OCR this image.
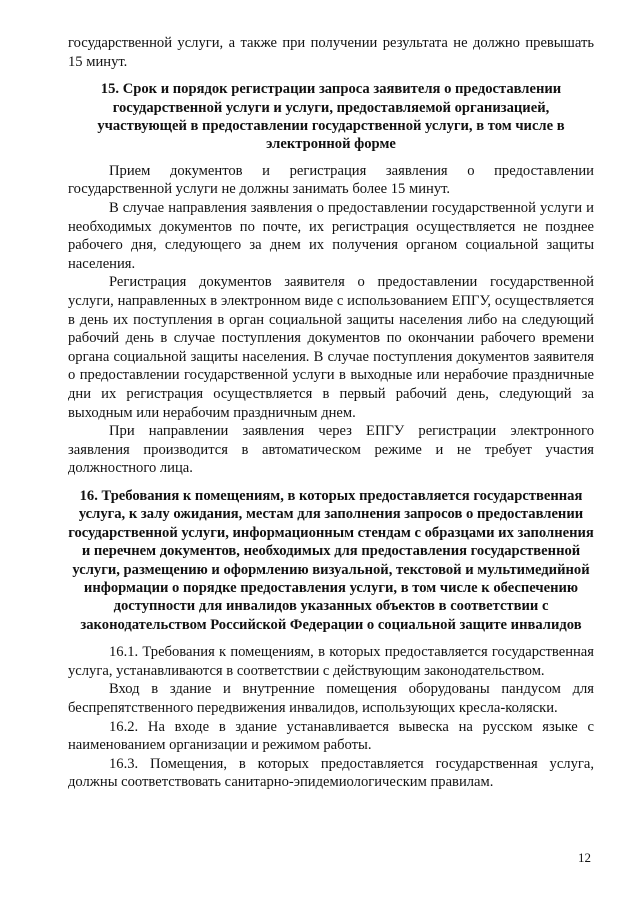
государственной услуги, а также при получении результата не должно превышать 15 минут.

15. Срок и порядок регистрации запроса заявителя о предоставлении государственной услуги и услуги, предоставляемой организацией, участвующей в предоставлении государственной услуги, в том числе в электронной форме

Прием документов и регистрация заявления о предоставлении государственной услуги не должны занимать более 15 минут.

В случае направления заявления о предоставлении государственной услуги и необходимых документов по почте, их регистрация осуществляется не позднее рабочего дня, следующего за днем их получения органом социальной защиты населения.

Регистрация документов заявителя о предоставлении государственной услуги, направленных в электронном виде с использованием ЕПГУ, осуществляется в день их поступления в орган социальной защиты населения либо на следующий рабочий день в случае поступления документов по окончании рабочего времени органа социальной защиты населения. В случае поступления документов заявителя о предоставлении государственной услуги в выходные или нерабочие праздничные дни их регистрация осуществляется в первый рабочий день, следующий за выходным или нерабочим праздничным днем.

При направлении заявления через ЕПГУ регистрации электронного заявления производится в автоматическом режиме и не требует участия должностного лица.

16. Требования к помещениям, в которых предоставляется государственная услуга, к залу ожидания, местам для заполнения запросов о предоставлении государственной услуги, информационным стендам с образцами их заполнения и перечнем документов, необходимых для предоставления государственной услуги, размещению и оформлению визуальной, текстовой и мультимедийной информации о порядке предоставления услуги, в том числе к обеспечению доступности для инвалидов указанных объектов в соответствии с законодательством Российской Федерации о социальной защите инвалидов

16.1. Требования к помещениям, в которых предоставляется государственная услуга, устанавливаются в соответствии с действующим законодательством.

Вход в здание и внутренние помещения оборудованы пандусом для беспрепятственного передвижения инвалидов, использующих кресла-коляски.

16.2. На входе в здание устанавливается вывеска на русском языке с наименованием организации и режимом работы.

16.3. Помещения, в которых предоставляется государственная услуга, должны соответствовать санитарно-эпидемиологическим правилам.

12
